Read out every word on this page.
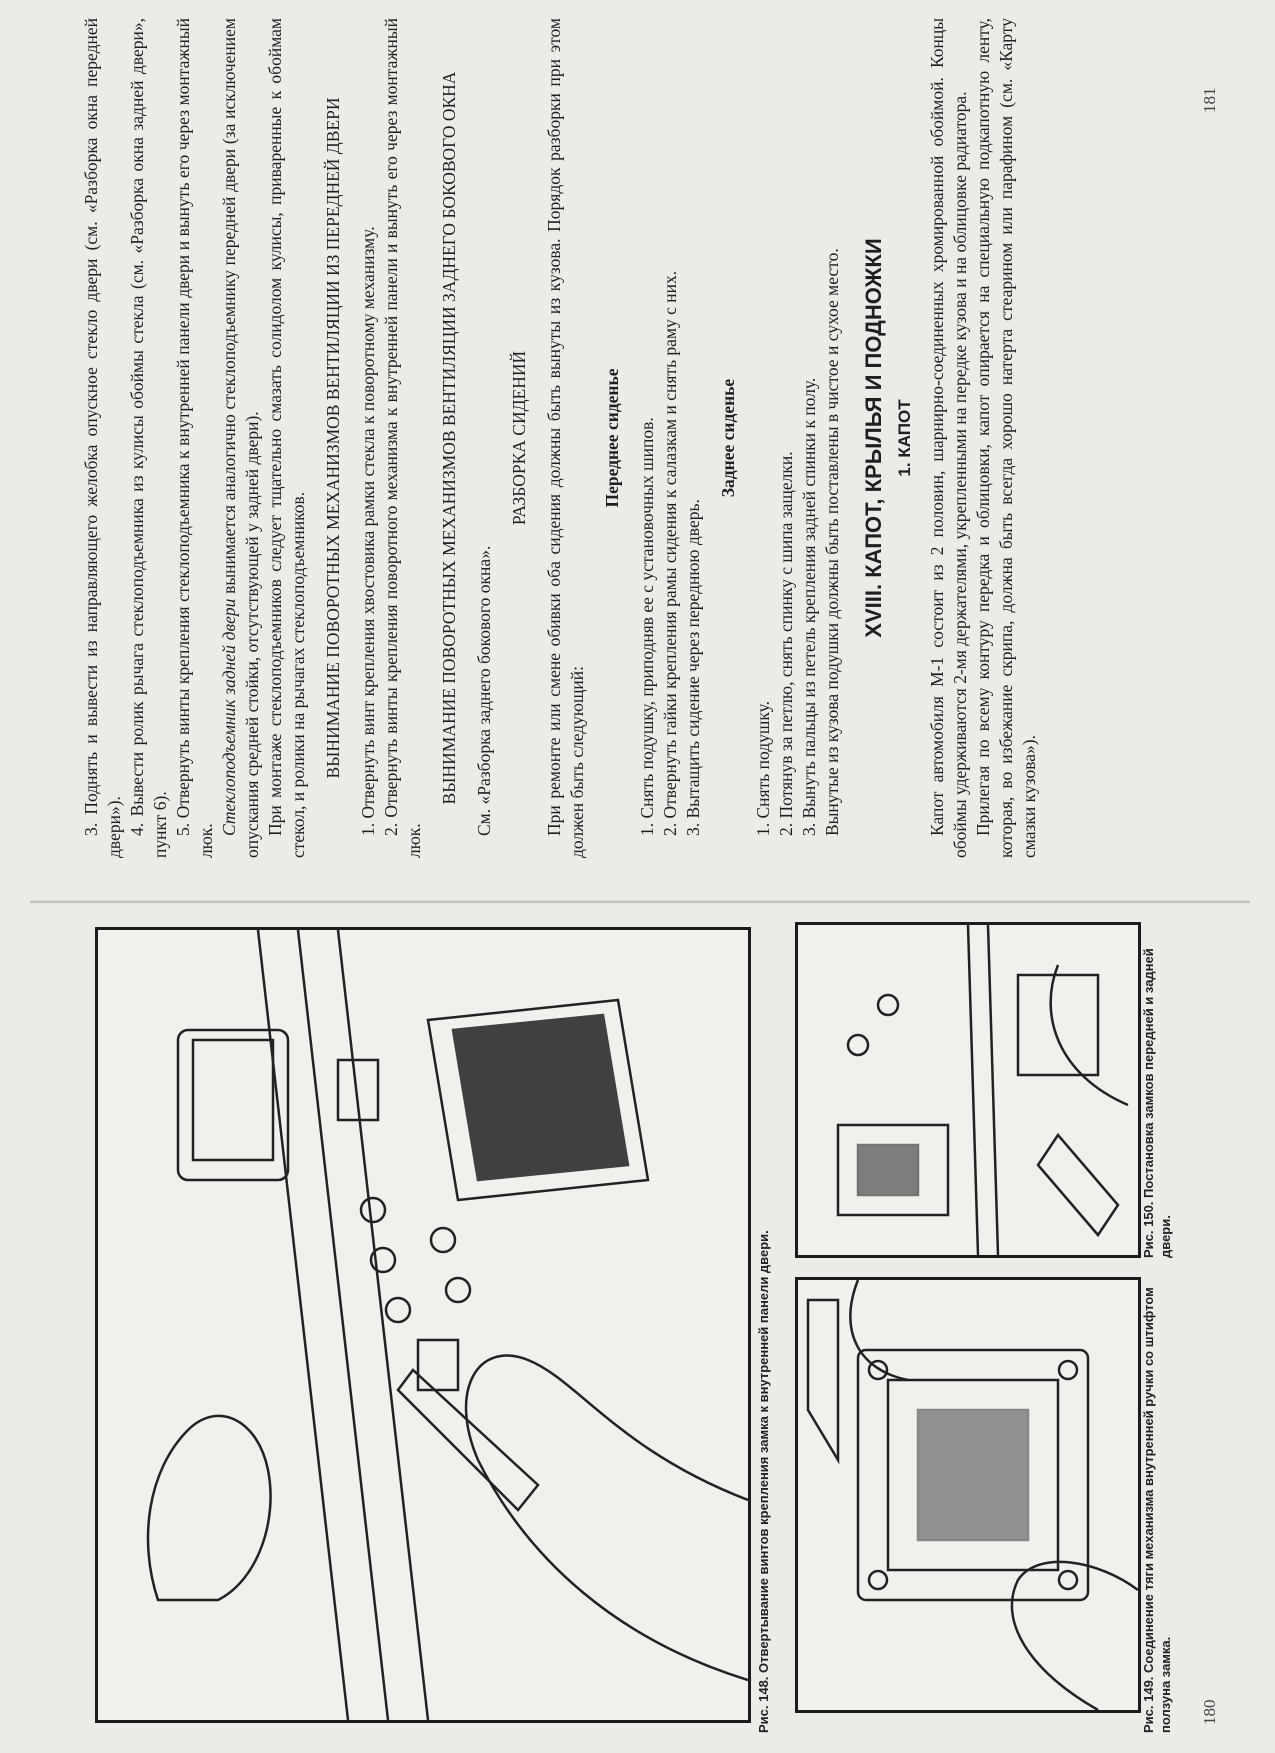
Рис. 148. Отвертывание винтов крепления замка к внутренней панели двери.	Рис. 149. Соединение тяги механизма внутренней ручки со штифтом ползуна замка.
Рис. 150. Постановка замков передней и задней двери.
180

3. Поднять и вывести из направляющего желобка опускное стекло двери (см. «Разборка окна передней двери»). 4. Вывести ролик рычага стеклоподъемника из кулисы обоймы стекла (см. «Разборка окна задней двери», пункт 6). 5. Отвернуть винты крепления стеклоподъемника к внутренней панели двери и вынуть его через монтажный люк.

Стеклоподъемник задней двери вынимается аналогично стеклоподъемнику передней двери (за исключением опускания средней стойки, отсутствующей у задней двери). При монтаже стеклоподъемников следует тщательно смазать солидолом кулисы, приваренные к обоймам стекол, и ролики на рычагах стеклоподъемников. ВЫНИМАНИЕ ПОВОРОТНЫХ МЕХАНИЗМОВ ВЕНТИЛЯЦИИ ИЗ ПЕРЕДНЕЙ ДВЕРИ 1. Отвернуть винт крепления хвостовика рамки стекла к поворотному механизму. 2. Отвернуть винты крепления поворотного механизма к внутренней панели и вынуть его через монтажный люк.

ВЫНИМАНИЕ ПОВОРОТНЫХ МЕХАНИЗМОВ ВЕНТИЛЯЦИИ ЗАДНЕГО БОКОВОГО ОКНА См. «Разборка заднего бокового окна».

РАЗБОРКА СИДЕНИЙ При ремонте или смене обивки оба сидения должны быть вынуты из кузова. Порядок разборки при этом должен быть следующий:

Переднее сиденье 1. Снять подушку, приподняв ее с установочных шипов. 2. Отвернуть гайки крепления рамы сидения к салазкам и снять раму с них. 3. Вытащить сидение через переднюю дверь.

Заднее сиденье

1. Снять подушку. 2. Потянув за петлю, снять спинку с шипа защелки. 3. Вынуть пальцы из петель крепления задней спинки к полу. Вынутые из кузова подушки должны быть поставлены в чистое и сухое место. XVIII. КАПОТ, КРЫЛЬЯ И ПОДНОЖКИ 1. КАПОТ Капот автомобиля М-1 состоит из 2 половин, шарнирно-соединенных хромированной обоймой. Концы обоймы удерживаются 2-мя держателями, укрепленными на передке кузова и на облицовке радиатора. Прилегая по всему контуру передка и облицовки, капот опирается на специальную подкапотную ленту, которая, во избежание скрипа, должна быть всегда хорошо натерта стеарином или парафином (см. «Карту смазки кузова»).

181
